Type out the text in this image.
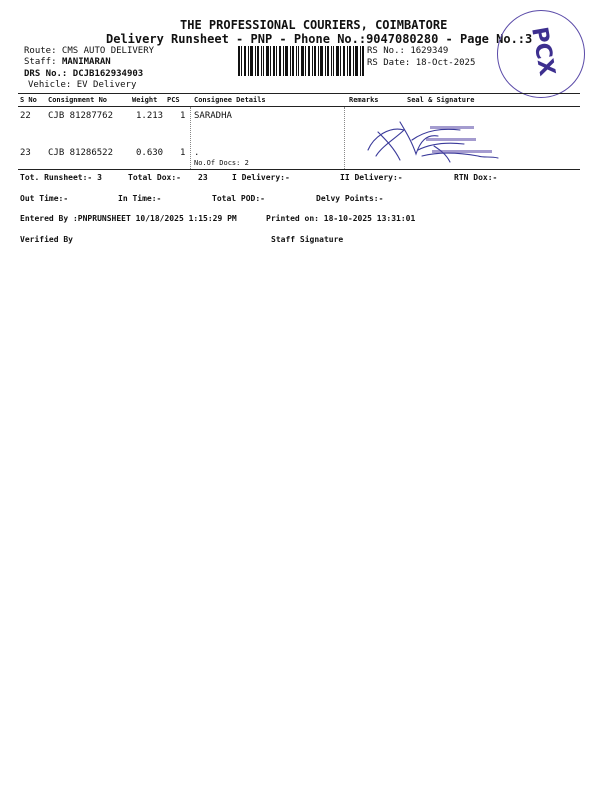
THE PROFESSIONAL COURIERS, COIMBATORE
Delivery Runsheet - PNP - Phone No.:9047080280 - Page No.:3
Route: CMS AUTO DELIVERY
Staff: MANIMARAN
DRS No.: DCJB162934903
Vehicle: EV Delivery
RS No.: 1629349
RS Date: 18-Oct-2025 PCX
S No Consignment No	Weight PCS Consignee Details	Remarks	Seal & Signature
22 CJB 81287762	1.213 1 SARADHA
23 CJB 81286522	0.630 1 .
No.Of Docs: 2
Tot. Runsheet:- 3	Total Dox:- 23	I Delivery:-	II Delivery:-	RTN Dox:-
Out Time:-	In Time:-	Total POD:-	Delvy Points:-
Entered By :PNPRUNSHEET 10/18/2025 1:15:29 PM	Printed on: 18-10-2025 13:31:01
Verified By	Staff Signature
